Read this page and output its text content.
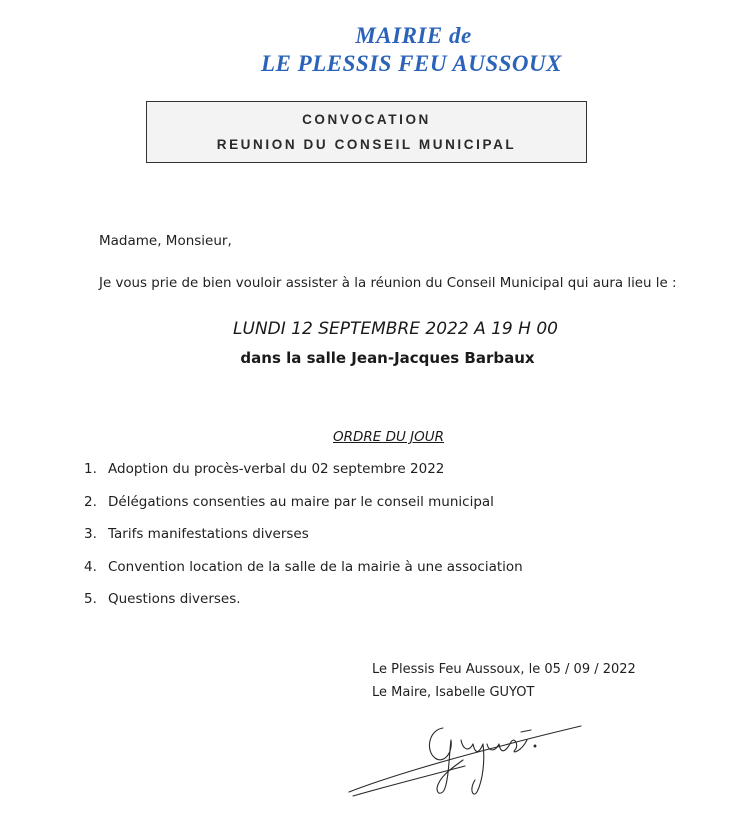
MAIRIE de
LE PLESSIS FEU AUSSOUX
CONVOCATION
REUNION DU CONSEIL MUNICIPAL
Madame, Monsieur,
Je vous prie de bien vouloir assister à la réunion du Conseil Municipal qui aura lieu le :
LUNDI 12 SEPTEMBRE 2022 A 19 H 00
dans la salle Jean-Jacques Barbaux
ORDRE DU JOUR
1. Adoption du procès-verbal du 02 septembre 2022
2. Délégations consenties au maire par le conseil municipal
3. Tarifs manifestations diverses
4. Convention location de la salle de la mairie à une association
5. Questions diverses.
Le Plessis Feu Aussoux, le 05 / 09 / 2022
Le Maire, Isabelle GUYOT
